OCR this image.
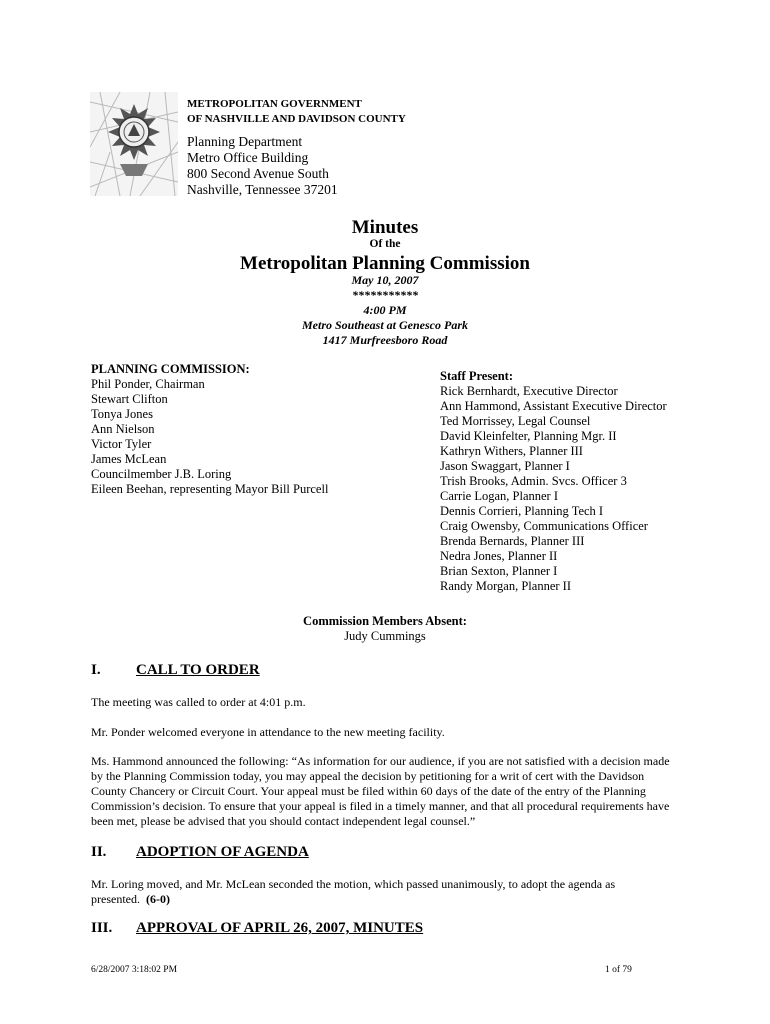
METROPOLITAN GOVERNMENT
OF NASHVILLE AND DAVIDSON COUNTY
Planning Department
Metro Office Building
800 Second Avenue South
Nashville, Tennessee 37201
Minutes
Of the
Metropolitan Planning Commission
May 10, 2007
***********
4:00 PM
Metro Southeast at Genesco Park
1417 Murfreesboro Road
PLANNING COMMISSION:
Phil Ponder, Chairman
Stewart Clifton
Tonya Jones
Ann Nielson
Victor Tyler
James McLean
Councilmember J.B. Loring
Eileen Beehan, representing Mayor Bill Purcell
Staff Present:
Rick Bernhardt, Executive Director
Ann Hammond, Assistant Executive Director
Ted Morrissey, Legal Counsel
David Kleinfelter, Planning Mgr. II
Kathryn Withers, Planner III
Jason Swaggart, Planner I
Trish Brooks, Admin. Svcs. Officer 3
Carrie Logan, Planner I
Dennis Corrieri, Planning Tech I
Craig Owensby, Communications Officer
Brenda Bernards, Planner III
Nedra Jones, Planner II
Brian Sexton, Planner I
Randy Morgan, Planner II
Commission Members Absent:
Judy Cummings
I. CALL TO ORDER
The meeting was called to order at 4:01 p.m.
Mr. Ponder welcomed everyone in attendance to the new meeting facility.
Ms. Hammond announced the following: “As information for our audience, if you are not satisfied with a decision made by the Planning Commission today, you may appeal the decision by petitioning for a writ of cert with the Davidson County Chancery or Circuit Court. Your appeal must be filed within 60 days of the date of the entry of the Planning Commission’s decision. To ensure that your appeal is filed in a timely manner, and that all procedural requirements have been met, please be advised that you should contact independent legal counsel.”
II. ADOPTION OF AGENDA
Mr. Loring moved, and Mr. McLean seconded the motion, which passed unanimously, to adopt the agenda as presented. (6-0)
III. APPROVAL OF APRIL 26, 2007, MINUTES
6/28/2007 3:18:02 PM	1 of 79
